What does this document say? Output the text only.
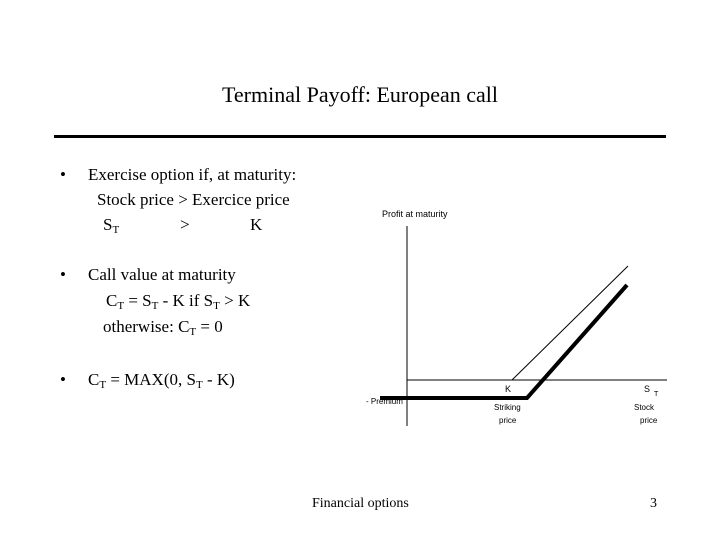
Terminal Payoff: European call
• Exercise option if, at maturity:
Stock price > Exercice price
$S_T$	>	K
• Call value at maturity
$C_T = S_T - K$ if $S_T > K$
otherwise: $C_T = 0$
• $C_T = MAX(0$, $S_T - K$)
Profit at maturity
- Premium
K	S
T
Striking
price
Stock
price
Financial options	3
